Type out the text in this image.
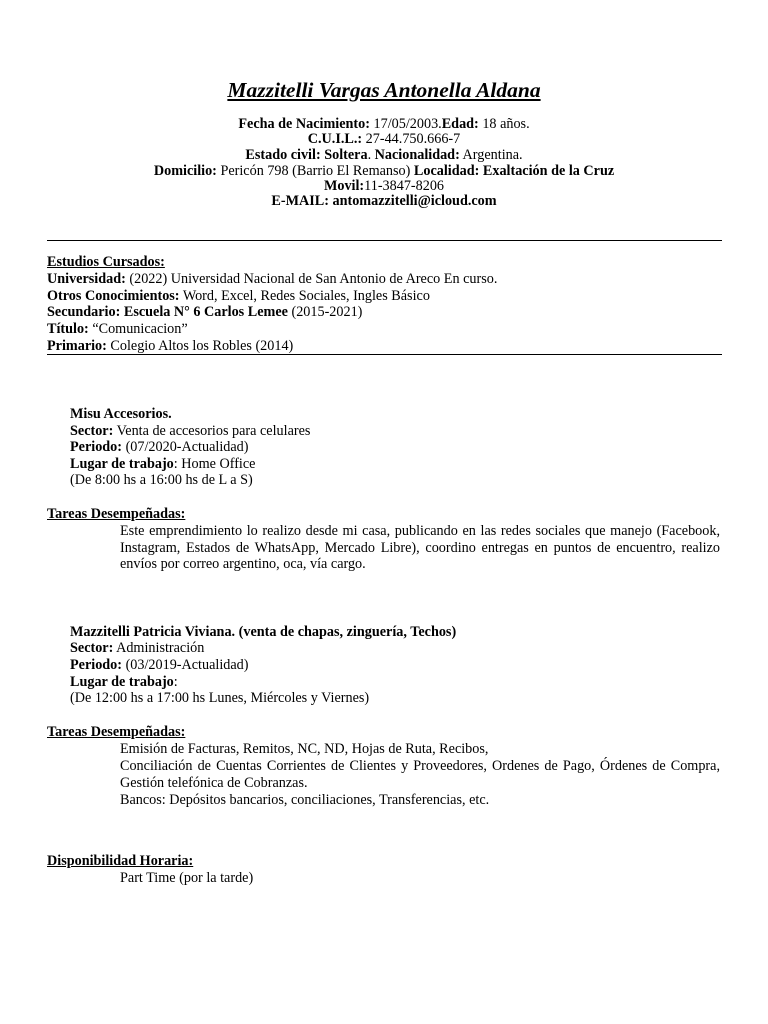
Mazzitelli Vargas Antonella Aldana
Fecha de Nacimiento: 17/05/2003.Edad: 18 años.
C.U.I.L.: 27-44.750.666-7
Estado civil: Soltera. Nacionalidad: Argentina.
Domicilio: Pericón 798 (Barrio El Remanso) Localidad: Exaltación de la Cruz
Movil:11-3847-8206
E-MAIL: antomazzitelli@icloud.com
Estudios Cursados:
Universidad: (2022) Universidad Nacional de San Antonio de Areco En curso.
Otros Conocimientos: Word, Excel, Redes Sociales, Ingles Básico
Secundario: Escuela N° 6 Carlos Lemee (2015-2021)
Título: “Comunicacion”
Primario: Colegio Altos los Robles (2014)
Misu Accesorios.
Sector: Venta de accesorios para celulares
Periodo: (07/2020-Actualidad)
Lugar de trabajo: Home Office
(De 8:00 hs a 16:00 hs de L a S)
Tareas Desempeñadas:
Este emprendimiento lo realizo desde mi casa, publicando en las redes sociales que manejo (Facebook, Instagram, Estados de WhatsApp, Mercado Libre), coordino entregas en puntos de encuentro, realizo envíos por correo argentino, oca, vía cargo.
Mazzitelli Patricia Viviana. (venta de chapas, zinguería, Techos)
Sector: Administración
Periodo: (03/2019-Actualidad)
Lugar de trabajo:
(De 12:00 hs a 17:00 hs Lunes, Miércoles y Viernes)
Tareas Desempeñadas:
Emisión de Facturas, Remitos, NC, ND, Hojas de Ruta, Recibos,
Conciliación de Cuentas Corrientes de Clientes y Proveedores, Ordenes de Pago, Órdenes de Compra, Gestión telefónica de Cobranzas.
Bancos: Depósitos bancarios, conciliaciones, Transferencias, etc.
Disponibilidad Horaria:
Part Time (por la tarde)
